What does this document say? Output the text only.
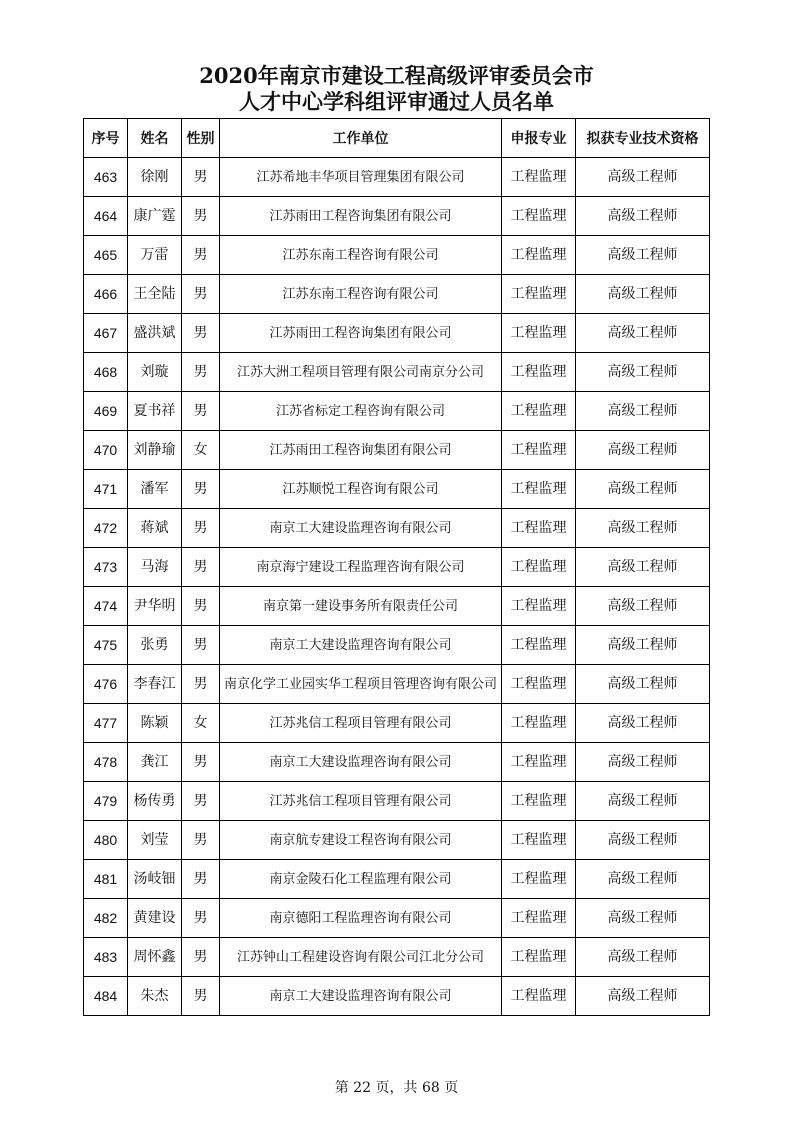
2020年南京市建设工程高级评审委员会市
人才中心学科组评审通过人员名单
序号	姓名	性别	工作单位	申报专业	拟获专业技术资格
463	徐刚	男	江苏希地丰华项目管理集团有限公司	工程监理	高级工程师
464	康广霆	男	江苏雨田工程咨询集团有限公司	工程监理	高级工程师
465	万雷	男	江苏东南工程咨询有限公司	工程监理	高级工程师
466	王全陆	男	江苏东南工程咨询有限公司	工程监理	高级工程师
467	盛洪斌	男	江苏雨田工程咨询集团有限公司	工程监理	高级工程师
468	刘璇	男	江苏大洲工程项目管理有限公司南京分公司	工程监理	高级工程师
469	夏书祥	男	江苏省标定工程咨询有限公司	工程监理	高级工程师
470	刘静瑜	女	江苏雨田工程咨询集团有限公司	工程监理	高级工程师
471	潘军	男	江苏顺悦工程咨询有限公司	工程监理	高级工程师
472	蒋斌	男	南京工大建设监理咨询有限公司	工程监理	高级工程师
473	马海	男	南京海宁建设工程监理咨询有限公司	工程监理	高级工程师
474	尹华明	男	南京第一建设事务所有限责任公司	工程监理	高级工程师
475	张勇	男	南京工大建设监理咨询有限公司	工程监理	高级工程师
476	李春江	男	南京化学工业园实华工程项目管理咨询有限公司	工程监理	高级工程师
477	陈颖	女	江苏兆信工程项目管理有限公司	工程监理	高级工程师
478	龚江	男	南京工大建设监理咨询有限公司	工程监理	高级工程师
479	杨传勇	男	江苏兆信工程项目管理有限公司	工程监理	高级工程师
480	刘莹	男	南京航专建设工程咨询有限公司	工程监理	高级工程师
481	汤岐钿	男	南京金陵石化工程监理有限公司	工程监理	高级工程师
482	黄建设	男	南京德阳工程监理咨询有限公司	工程监理	高级工程师
483	周怀鑫	男	江苏钟山工程建设咨询有限公司江北分公司	工程监理	高级工程师
484	朱杰	男	南京工大建设监理咨询有限公司	工程监理	高级工程师
第 22 页，共 68 页
